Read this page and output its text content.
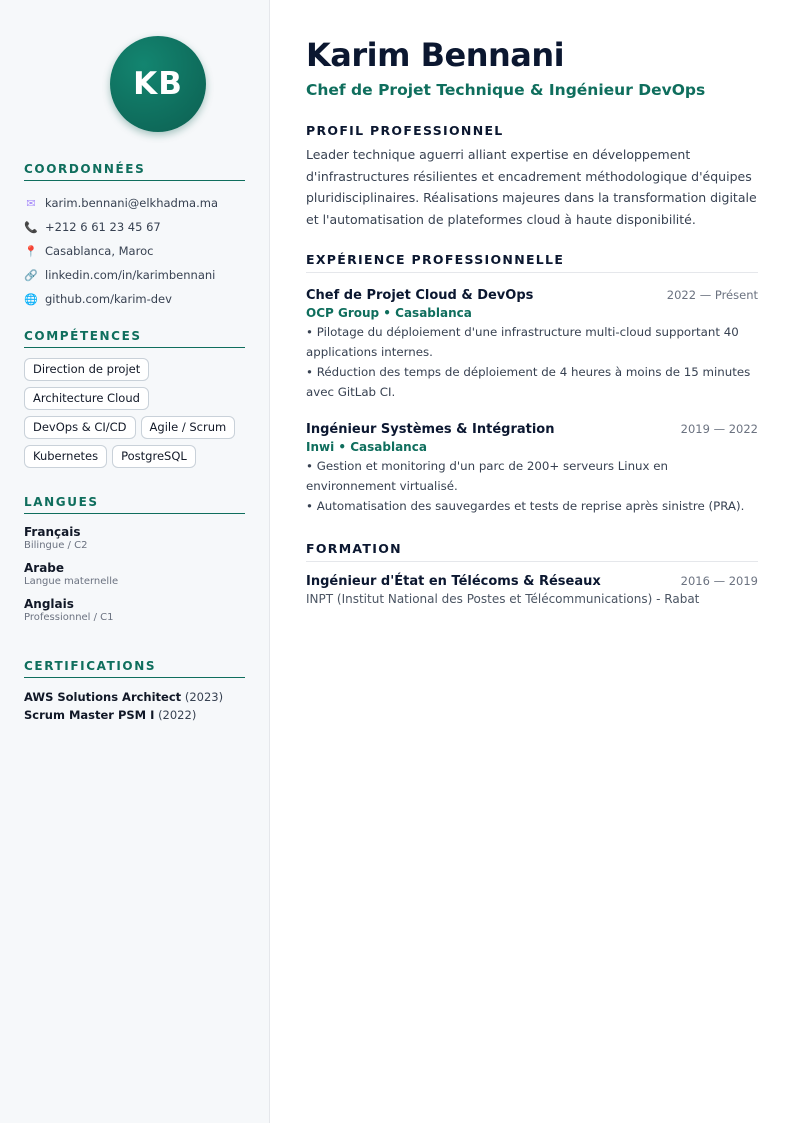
KB
COORDONNÉES
✉ karim.bennani@elkhadma.ma
📞 +212 6 61 23 45 67
📍 Casablanca, Maroc
🔗 linkedin.com/in/karimbennani
🌐 github.com/karim-dev
COMPÉTENCES
Direction de projet
Architecture Cloud
DevOps & CI/CD	Agile / Scrum
Kubernetes	PostgreSQL
LANGUES
Français
Bilingue / C2
Arabe
Langue maternelle
Anglais
Professionnel / C1
CERTIFICATIONS
AWS Solutions Architect (2023)
Scrum Master PSM I (2022)
Karim Bennani
Chef de Projet Technique & Ingénieur DevOps
PROFIL PROFESSIONNEL

Leader technique aguerri alliant expertise en développement d'infrastructures résilientes et encadrement méthodologique d'équipes pluridisciplinaires. Réalisations majeures dans la transformation digitale et l'automatisation de plateformes cloud à haute disponibilité.

EXPÉRIENCE PROFESSIONNELLE
Chef de Projet Cloud & DevOps	2022 — Présent
OCP Group • Casablanca
• Pilotage du déploiement d'une infrastructure multi-cloud supportant 40 applications internes.
• Réduction des temps de déploiement de 4 heures à moins de 15 minutes avec GitLab CI.
Ingénieur Systèmes & Intégration	2019 — 2022
Inwi • Casablanca
• Gestion et monitoring d'un parc de 200+ serveurs Linux en environnement virtualisé.
• Automatisation des sauvegardes et tests de reprise après sinistre (PRA).
FORMATION
Ingénieur d'État en Télécoms & Réseaux	2016 — 2019
INPT (Institut National des Postes et Télécommunications) - Rabat
